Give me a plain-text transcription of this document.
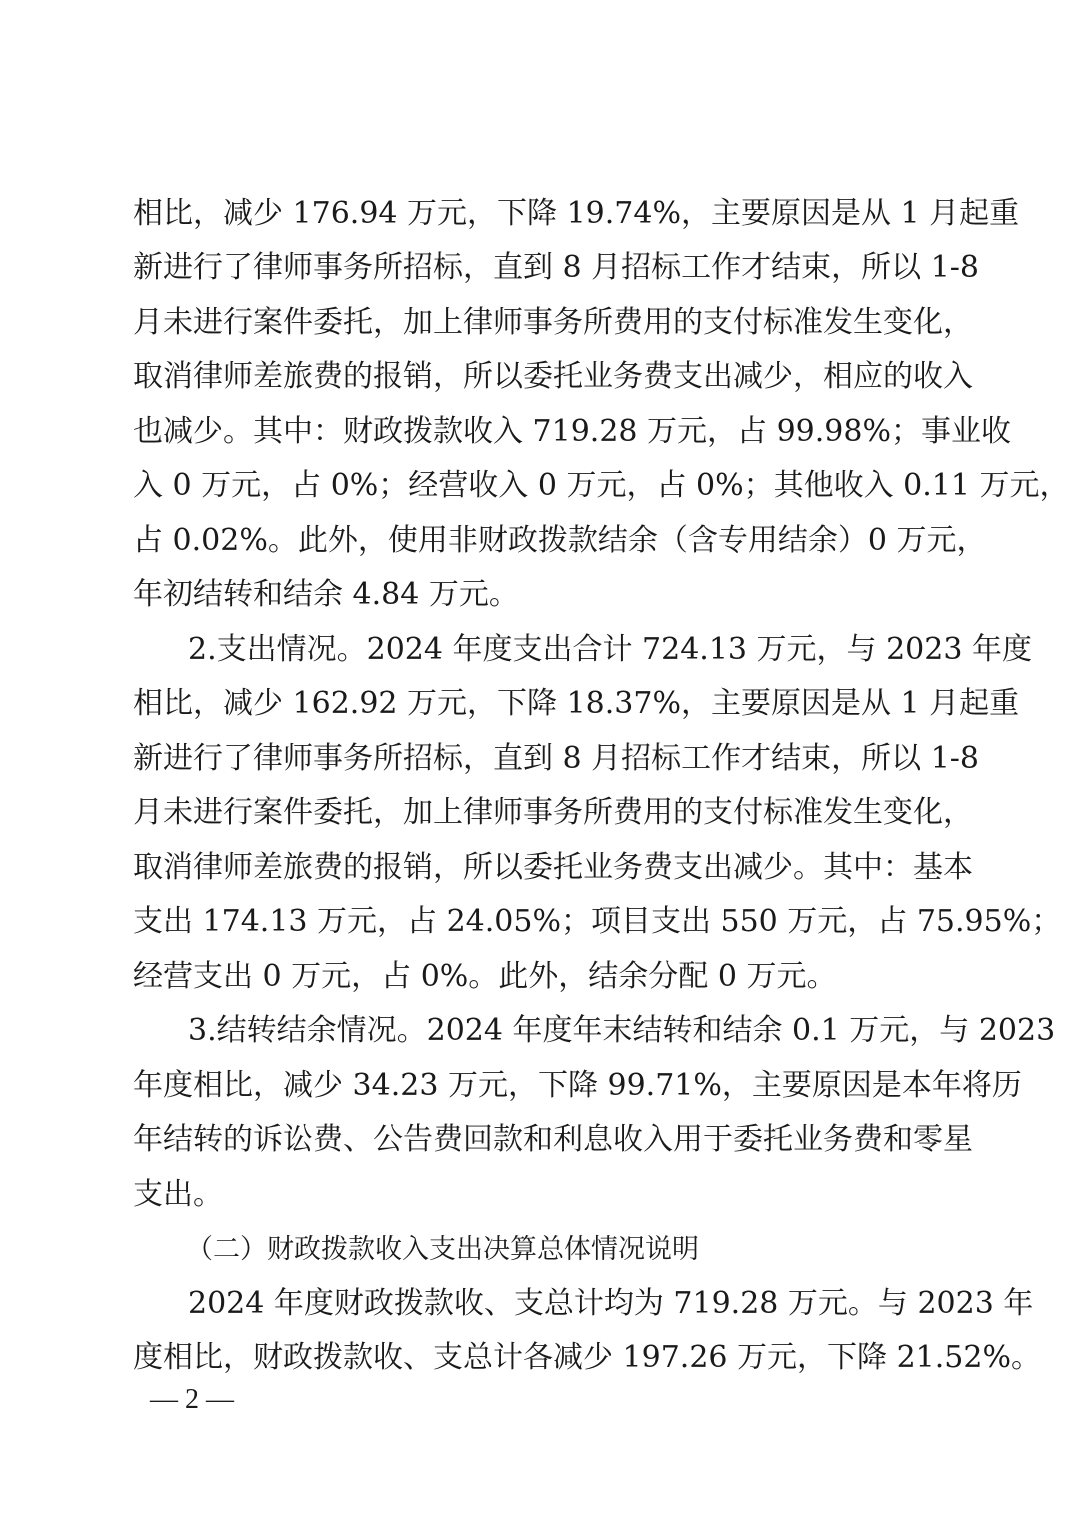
相比，减少 176.94 万元，下降 19.74%，主要原因是从 1 月起重
新进行了律师事务所招标，直到 8 月招标工作才结束，所以 1-8
月未进行案件委托，加上律师事务所费用的支付标准发生变化，
取消律师差旅费的报销，所以委托业务费支出减少，相应的收入
也减少。其中：财政拨款收入 719.28 万元，占 99.98%；事业收
入 0 万元，占 0%；经营收入 0 万元，占 0%；其他收入 0.11 万元，
占 0.02%。此外，使用非财政拨款结余（含专用结余）0 万元，
年初结转和结余 4.84 万元。
2.支出情况。2024 年度支出合计 724.13 万元，与 2023 年度
相比，减少 162.92 万元，下降 18.37%，主要原因是从 1 月起重
新进行了律师事务所招标，直到 8 月招标工作才结束，所以 1-8
月未进行案件委托，加上律师事务所费用的支付标准发生变化，
取消律师差旅费的报销，所以委托业务费支出减少。其中：基本
支出 174.13 万元，占 24.05%；项目支出 550 万元，占 75.95%；
经营支出 0 万元，占 0%。此外，结余分配 0 万元。
3.结转结余情况。2024 年度年末结转和结余 0.1 万元，与 2023
年度相比，减少 34.23 万元，下降 99.71%，主要原因是本年将历
年结转的诉讼费、公告费回款和利息收入用于委托业务费和零星
支出。
（二）财政拨款收入支出决算总体情况说明
2024 年度财政拨款收、支总计均为 719.28 万元。与 2023 年
度相比，财政拨款收、支总计各减少 197.26 万元，下降 21.52%。
— 2 —
